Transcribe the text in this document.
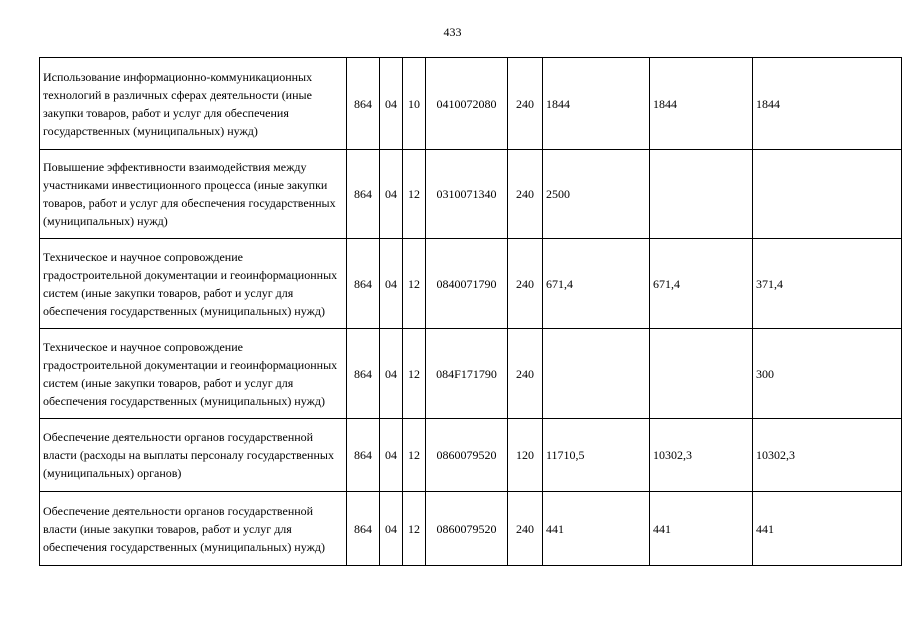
433
Использование информационно-коммуникационных технологий в различных сферах деятельности (иные закупки товаров, работ и услуг для обеспечения государственных (муниципальных) нужд)	864	04	10	0410072080	240	1844	1844	1844
Повышение эффективности взаимодействия между участниками инвестиционного процесса (иные закупки товаров, работ и услуг для обеспечения государственных (муниципальных) нужд)	864	04	12	0310071340	240	2500		
Техническое и научное сопровождение градостроительной документации и геоинформационных систем (иные закупки товаров, работ и услуг для обеспечения государственных (муниципальных) нужд)	864	04	12	0840071790	240	671,4	671,4	371,4
Техническое и научное сопровождение градостроительной документации и геоинформационных систем (иные закупки товаров, работ и услуг для обеспечения государственных (муниципальных) нужд)	864	04	12	084F171790	240			300
Обеспечение деятельности органов государственной власти (расходы на выплаты персоналу государственных (муниципальных) органов)	864	04	12	0860079520	120	11710,5	10302,3	10302,3
Обеспечение деятельности органов государственной власти (иные закупки товаров, работ и услуг для обеспечения государственных (муниципальных) нужд)	864	04	12	0860079520	240	441	441	441
